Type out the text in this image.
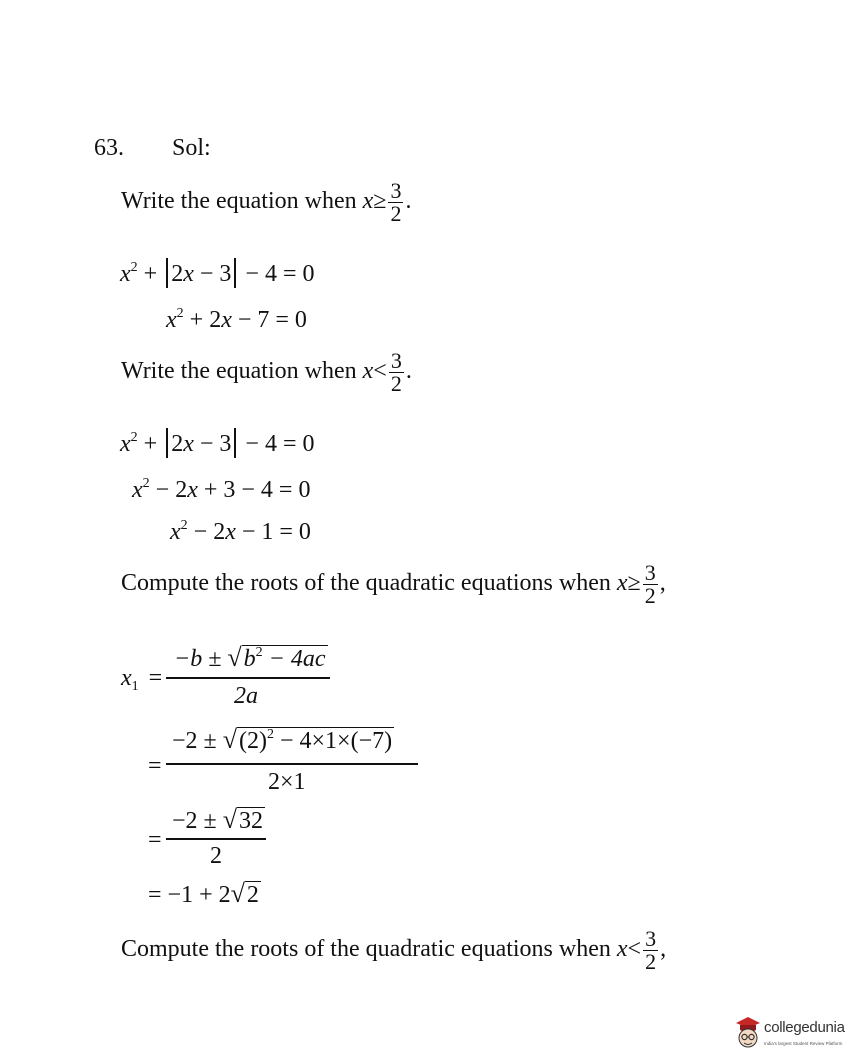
63. Sol:
Write the equation when $x\ge \frac{3}{2}$ .
$x^2 + 2x - 3 - 4 = 0$
$x^2 + 2x - 7 = 0$
Write the equation when $x< \frac{3}{2}$ .
$x^2 + 2x - 3 - 4 = 0$
$x^2 - 2x + 3 - 4 = 0$
$x^2 - 2x - 1 = 0$
Compute the roots of the quadratic equations when $x\ge \frac{3}{2}$ ,
$x_1$ =
$-b \pm √b^2 - 4ac$
2a
=
$-2 \pm √(2)^2 - 4\times 1\times(-7)$
2×1
=
−2 ± √32
2
= −1 + 2√2
Compute the roots of the quadratic equations when $x< \frac{3}{2}$ ,
collegedunia
India's largest Student Review Platform
